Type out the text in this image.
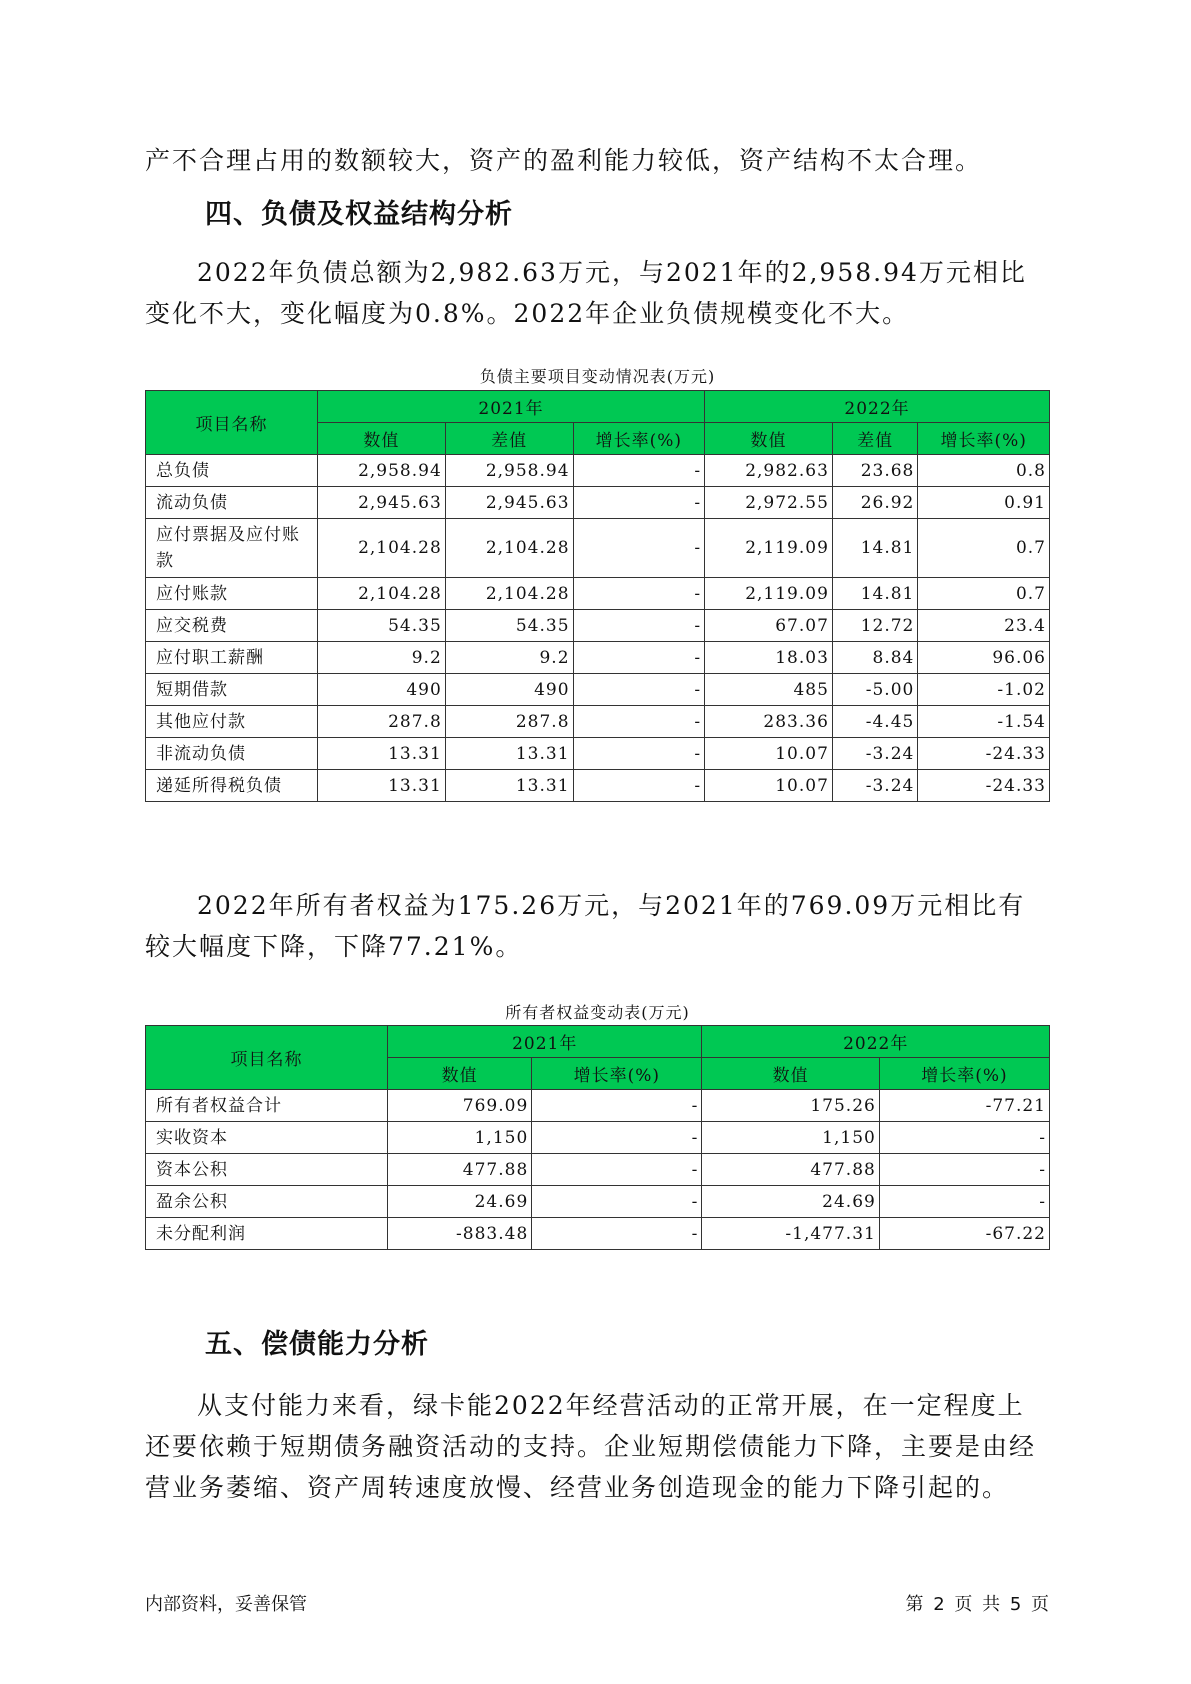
产不合理占用的数额较大，资产的盈利能力较低，资产结构不太合理。

四、负债及权益结构分析

2022年负债总额为2,982.63万元，与2021年的2,958.94万元相比变化不大，变化幅度为0.8%。2022年企业负债规模变化不大。

负债主要项目变动情况表(万元)
项目名称	2021年			2022年		
	数值	差值	增长率(%)	数值	差值	增长率(%)
总负债	2,958.94	2,958.94	-	2,982.63	23.68	0.8
流动负债	2,945.63	2,945.63	-	2,972.55	26.92	0.91
应付票据及应付账款	2,104.28	2,104.28	-	2,119.09	14.81	0.7
应付账款	2,104.28	2,104.28	-	2,119.09	14.81	0.7
应交税费	54.35	54.35	-	67.07	12.72	23.4
应付职工薪酬	9.2	9.2	-	18.03	8.84	96.06
短期借款	490	490	-	485	-5.00	-1.02
其他应付款	287.8	287.8	-	283.36	-4.45	-1.54
非流动负债	13.31	13.31	-	10.07	-3.24	-24.33
递延所得税负债	13.31	13.31	-	10.07	-3.24	-24.33

2022年所有者权益为175.26万元，与2021年的769.09万元相比有较大幅度下降，下降77.21%。

所有者权益变动表(万元)
项目名称	2021年		2022年	
	数值	增长率(%)	数值	增长率(%)
所有者权益合计	769.09	-	175.26	-77.21
实收资本	1,150	-	1,150	-
资本公积	477.88	-	477.88	-
盈余公积	24.69	-	24.69	-
未分配利润	-883.48	-	-1,477.31	-67.22
五、偿债能力分析

从支付能力来看，绿卡能2022年经营活动的正常开展，在一定程度上还要依赖于短期债务融资活动的支持。企业短期偿债能力下降，主要是由经营业务萎缩、资产周转速度放慢、经营业务创造现金的能力下降引起的。

内部资料，妥善保管	第 2 页 共 5 页
